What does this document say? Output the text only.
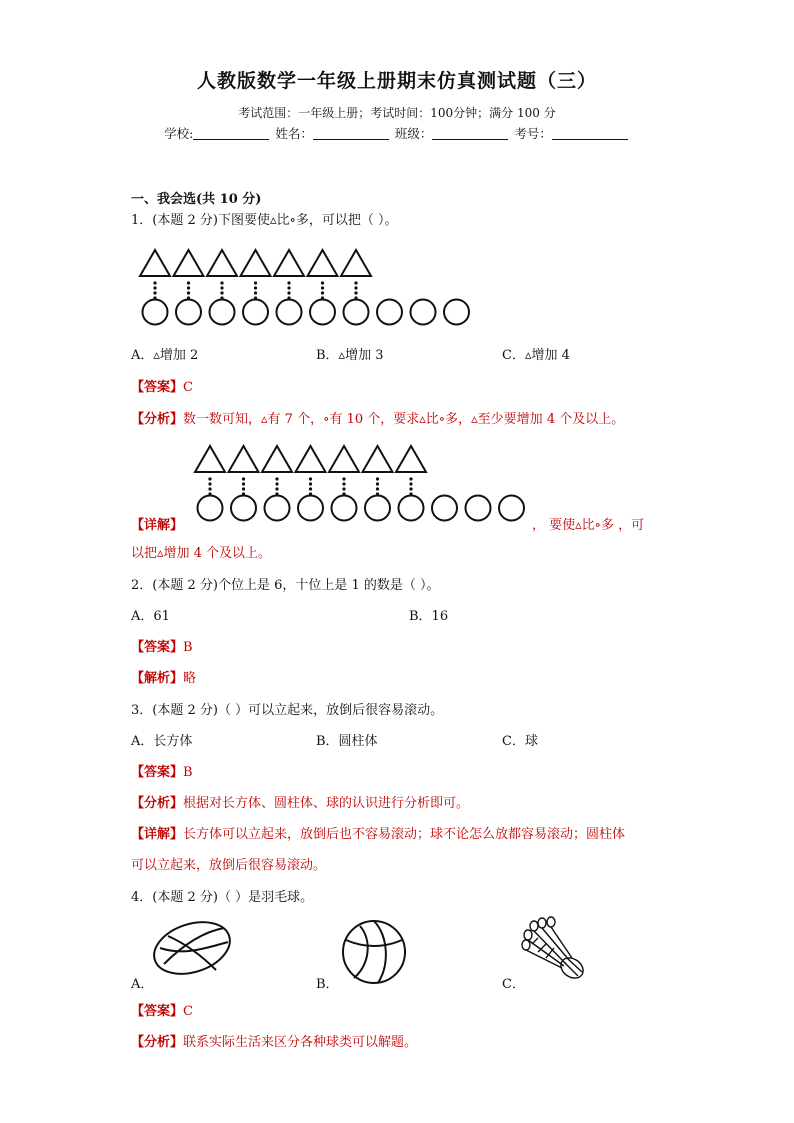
人教版数学一年级上册期末仿真测试题（三）
考试范围：一年级上册；考试时间：100分钟；满分 100 分
学校:	姓名：	班级：	考号：
一、我会选(共 10 分)
1．(本题 2 分)下图要使▵比∘多，可以把（ ）。
A．▵增加 2	B．▵增加 3	C．▵增加 4
【答案】C
【分析】数一数可知，▵有 7 个，∘有 10 个，要求▵比∘多，▵至少要增加 4 个及以上。
【详解】	， 要使▵比∘多 ，可
以把▵增加 4 个及以上。
2．(本题 2 分)个位上是 6，十位上是 1 的数是（ ）。
A．61	B．16
【答案】B
【解析】略
3．(本题 2 分)（ ）可以立起来，放倒后很容易滚动。
A．长方体	B．圆柱体	C．球
【答案】B
【分析】根据对长方体、圆柱体、球的认识进行分析即可。
【详解】长方体可以立起来，放倒后也不容易滚动；球不论怎么放都容易滚动；圆柱体
可以立起来，放倒后很容易滚动。
4．(本题 2 分)（ ）是羽毛球。
A．	B．	C．
【答案】C
【分析】联系实际生活来区分各种球类可以解题。
